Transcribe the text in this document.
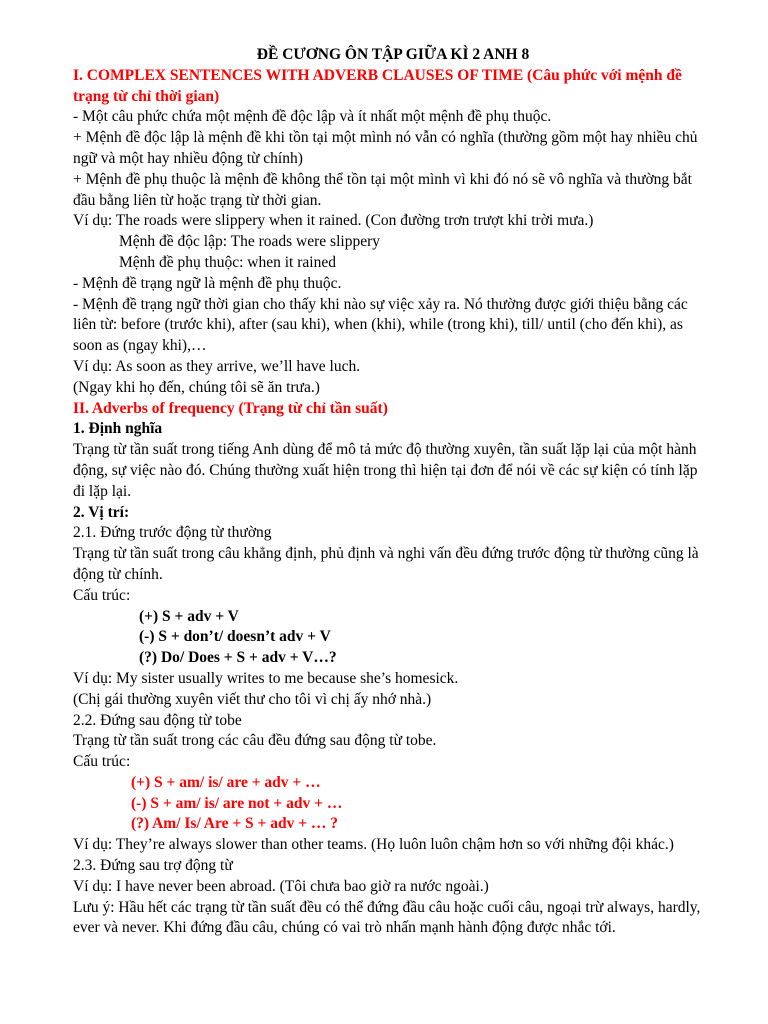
ĐỀ CƯƠNG ÔN TẬP GIỮA KÌ 2 ANH 8

I. COMPLEX SENTENCES WITH ADVERB CLAUSES OF TIME (Câu phức với mệnh đề trạng từ chỉ thời gian)

- Một câu phức chứa một mệnh đề độc lập và ít nhất một mệnh đề phụ thuộc.

+ Mệnh đề độc lập là mệnh đề khi tồn tại một mình nó vẫn có nghĩa (thường gồm một hay nhiều chủ ngữ và một hay nhiều động từ chính)

+ Mệnh đề phụ thuộc là mệnh đề không thể tồn tại một mình vì khi đó nó sẽ vô nghĩa và thường bắt đầu bằng liên từ hoặc trạng từ thời gian.

Ví dụ: The roads were slippery when it rained. (Con đường trơn trượt khi trời mưa.)

Mệnh đề độc lập: The roads were slippery

Mệnh đề phụ thuộc: when it rained

- Mệnh đề trạng ngữ là mệnh đề phụ thuộc.

- Mệnh đề trạng ngữ thời gian cho thấy khi nào sự việc xảy ra. Nó thường được giới thiệu bằng các liên từ: before (trước khi), after (sau khi), when (khi), while (trong khi), till/ until (cho đến khi), as soon as (ngay khi),…

Ví dụ: As soon as they arrive, we’ll have luch.

(Ngay khi họ đến, chúng tôi sẽ ăn trưa.)

II. Adverbs of frequency (Trạng từ chỉ tần suất)

1. Định nghĩa

Trạng từ tần suất trong tiếng Anh dùng để mô tả mức độ thường xuyên, tần suất lặp lại của một hành động, sự việc nào đó. Chúng thường xuất hiện trong thì hiện tại đơn để nói về các sự kiện có tính lặp đi lặp lại.

2. Vị trí:

2.1. Đứng trước động từ thường

Trạng từ tần suất trong câu khẳng định, phủ định và nghi vấn đều đứng trước động từ thường cũng là động từ chính.

Cấu trúc:

(+) S + adv + V

(-) S + don’t/ doesn’t adv + V

(?) Do/ Does + S + adv + V…?

Ví dụ: My sister usually writes to me because she’s homesick.

(Chị gái thường xuyên viết thư cho tôi vì chị ấy nhớ nhà.)

2.2. Đứng sau động từ tobe

Trạng từ tần suất trong các câu đều đứng sau động từ tobe.

Cấu trúc:

(+) S + am/ is/ are + adv + …

(-) S + am/ is/ are not + adv + …

(?) Am/ Is/ Are + S + adv + … ?

Ví dụ: They’re always slower than other teams. (Họ luôn luôn chậm hơn so với những đội khác.)

2.3. Đứng sau trợ động từ

Ví dụ: I have never been abroad. (Tôi chưa bao giờ ra nước ngoài.)

Lưu ý: Hầu hết các trạng từ tần suất đều có thể đứng đầu câu hoặc cuối câu, ngoại trừ always, hardly, ever và never. Khi đứng đầu câu, chúng có vai trò nhấn mạnh hành động được nhắc tới.
